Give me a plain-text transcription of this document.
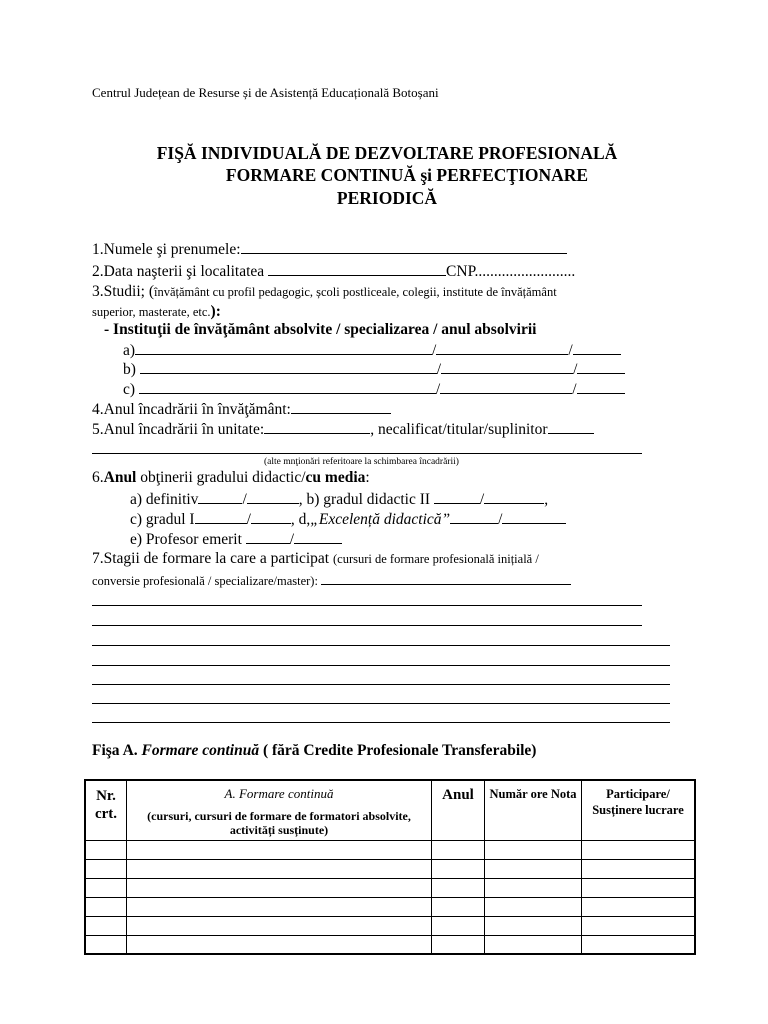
Centrul Județean de Resurse și de Asistență Educațională Botoșani
FIŞĂ INDIVIDUALĂ DE DEZVOLTARE PROFESIONALĂ
FORMARE CONTINUĂ şi PERFECŢIONARE
PERIODICĂ
1.Numele şi prenumele:
2.Data naşterii şi localitatea	CNP..........................
3.Studii; (învățământ cu profil pedagogic, școli postliceale, colegii, institute de învățământ
superior, masterate, etc.):
- Instituţii de învăţământ absolvite / specializarea / anul absolvirii
a)	/	/
b)	/	/
c)	/	/
4.Anul încadrării în învăţământ:
5.Anul încadrării în unitate:	, necalificat/titular/suplinitor
(alte mnţionări referitoare la schimbarea încadrării)
6.Anul obţinerii gradului didactic/cu media:
a) definitiv	/	, b) gradul didactic II	/	,
c) gradul I	/	, d,„Excelență didactică”	/
e) Profesor emerit	/
7.Stagii de formare la care a participat (cursuri de formare profesională inițială /
conversie profesională / specializare/master):
Fişa A. Formare continuă ( fără Credite Profesionale Transferabile)
Nr. crt.	A. Formare continuă
(cursuri, cursuri de formare de formatori absolvite, activități susținute)	Anul	Număr ore Nota	Participare/ Susținere lucrare
